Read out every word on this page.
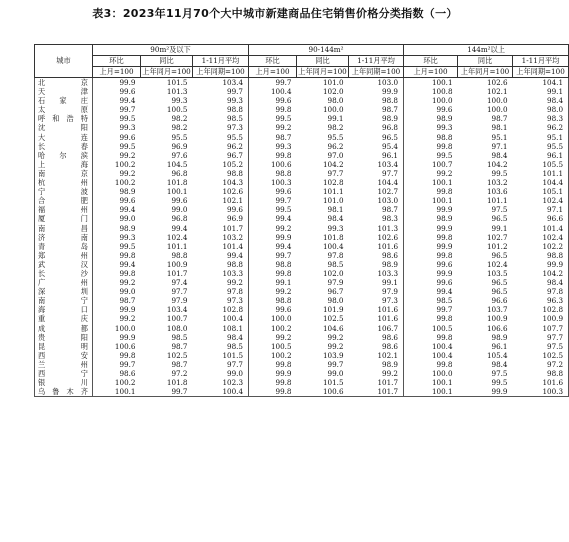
表3：2023年11月70个大中城市新建商品住宅销售价格分类指数（一）
城市	90m²及以下			90-144m²			144m²以上		
	环比	同比	1-11月平均	环比	同比	1-11月平均	环比	同比	1-11月平均
	上月=100	上年同月=100	上年同期=100	上月=100	上年同月=100	上年同期=100	上月=100	上年同月=100	上年同期=100
北　京	99.9	101.5	103.4	99.7	101.0	103.0	100.1	102.6	104.1
天　津	99.6	101.3	99.7	100.4	102.0	99.9	100.8	102.1	99.1
石家庄	99.4	99.3	99.3	99.6	98.0	98.8	100.0	100.0	98.4
太　原	99.7	100.5	98.8	99.8	100.0	98.7	99.6	100.0	98.0
呼和浩特	99.5	98.2	98.5	99.5	99.1	98.9	98.9	98.7	98.3
沈　阳	99.3	98.2	97.3	99.2	98.2	96.8	99.3	98.1	96.2
大　连	99.6	95.5	95.5	98.7	95.5	96.5	98.8	95.1	95.1
长　春	99.5	96.9	96.2	99.3	96.2	95.4	99.8	97.1	95.5
哈尔滨	99.2	97.6	96.7	99.8	97.0	96.1	99.5	98.4	96.1
上　海	100.2	104.5	105.2	100.6	104.2	103.4	100.7	104.2	105.5
南　京	99.2	96.8	98.8	98.8	97.7	97.7	99.2	99.5	101.1
杭　州	100.2	101.8	104.3	100.3	102.8	104.4	100.1	103.2	104.4
宁　波	98.9	100.1	102.6	99.6	101.1	102.7	99.8	103.6	105.1
合　肥	99.6	99.6	102.1	99.7	101.0	103.0	100.1	101.1	102.4
福　州	99.4	99.0	99.6	99.5	98.1	98.7	99.9	97.5	97.1
厦　门	99.0	96.8	96.9	99.4	98.4	98.3	98.9	96.5	96.6
南　昌	98.9	99.4	101.7	99.2	99.3	101.3	99.9	99.1	101.4
济　南	99.3	102.4	103.2	99.9	101.8	102.6	99.8	102.7	102.4
青　岛	99.5	101.1	101.4	99.4	100.4	101.6	99.9	101.2	102.2
郑　州	99.8	98.8	99.4	99.7	97.8	98.6	99.8	96.5	98.8
武　汉	99.4	100.9	98.8	98.8	98.5	98.9	99.6	102.4	99.9
长　沙	99.8	101.7	103.3	99.8	102.0	103.3	99.9	103.5	104.2
广　州	99.2	97.4	99.2	99.1	97.9	99.1	99.6	96.5	98.4
深　圳	99.0	97.7	97.8	99.2	96.7	97.9	99.4	96.5	97.8
南　宁	98.7	97.9	97.3	98.8	98.0	97.3	98.5	96.6	96.3
海　口	99.9	103.4	102.8	99.6	101.9	101.6	99.7	103.7	102.8
重　庆	99.2	100.7	100.4	100.0	102.5	101.6	99.8	100.9	100.9
成　都	100.0	108.0	108.1	100.2	104.6	106.7	100.5	106.6	107.7
贵　阳	99.9	98.5	98.4	99.2	99.2	98.6	99.8	98.9	97.7
昆　明	100.6	98.7	98.5	100.5	99.2	98.6	100.4	96.1	97.5
西　安	99.8	102.5	101.5	100.2	103.9	102.1	100.4	105.4	102.5
兰　州	99.7	98.7	97.7	99.8	99.7	98.9	99.8	98.4	97.2
西　宁	98.6	97.2	99.0	99.9	99.0	99.2	100.0	97.5	98.8
银　川	100.2	101.8	102.3	99.8	101.5	101.7	100.1	99.5	101.6
乌鲁木齐	100.1	99.7	100.4	99.8	100.6	101.7	100.1	99.9	100.3
